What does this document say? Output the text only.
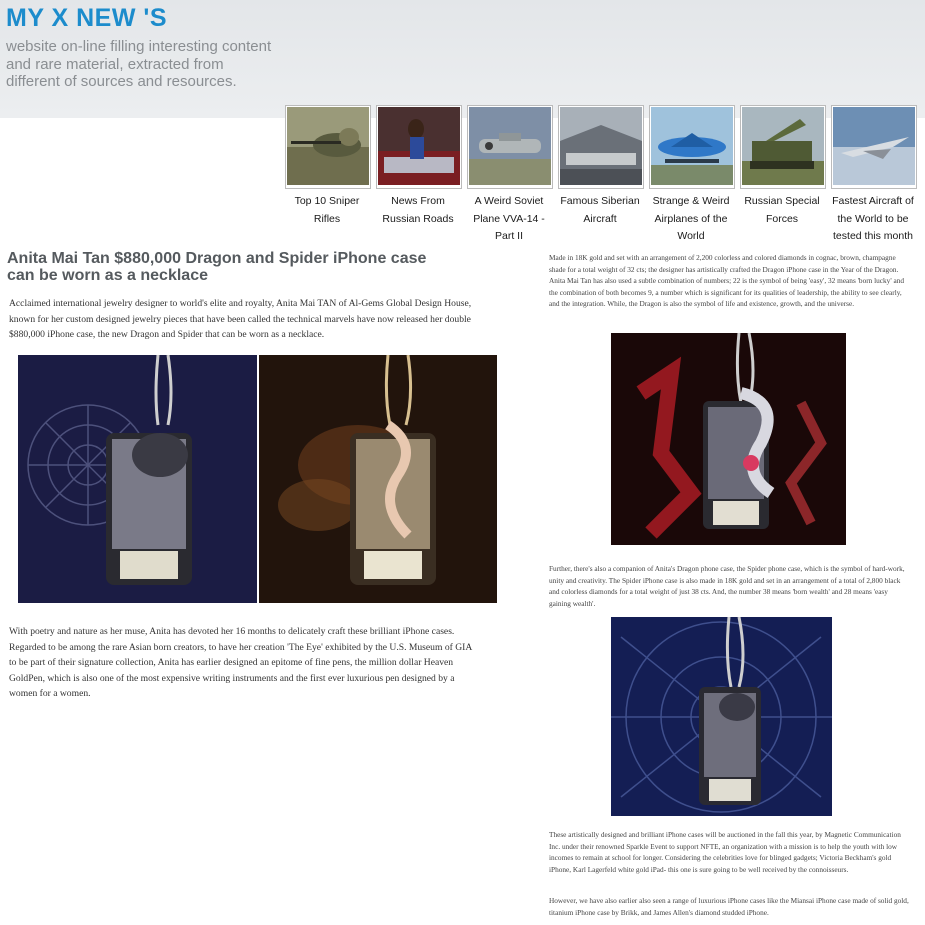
MY X NEW 'S
website on-line filling interesting content and rare material, extracted from different of sources and resources.
Top 10 Sniper Rifles
News From Russian Roads
A Weird Soviet Plane VVA-14 - Part II
Famous Siberian Aircraft
Strange & Weird Airplanes of the World
Russian Special Forces
Fastest Aircraft of the World to be tested this month
Anita Mai Tan $880,000 Dragon and Spider iPhone case can be worn as a necklace

Acclaimed international jewelry designer to world's elite and royalty, Anita Mai TAN of Al-Gems Global Design House, known for her custom designed jewelry pieces that have been called the technical marvels have now released her double $880,000 iPhone case, the new Dragon and Spider that can be worn as a necklace.

With poetry and nature as her muse, Anita has devoted her 16 months to delicately craft these brilliant iPhone cases. Regarded to be among the rare Asian born creators, to have her creation 'The Eye' exhibited by the U.S. Museum of GIA to be part of their signature collection, Anita has earlier designed an epitome of fine pens, the million dollar Heaven GoldPen, which is also one of the most expensive writing instruments and the first ever luxurious pen designed by a women for a women.

Made in 18K gold and set with an arrangement of 2,200 colorless and colored diamonds in cognac, brown, champagne shade for a total weight of 32 cts; the designer has artistically crafted the Dragon iPhone case in the Year of the Dragon. Anita Mai Tan has also used a subtle combination of numbers; 22 is the symbol of being 'easy', 32 means 'born lucky' and the combination of both becomes 9, a number which is significant for its qualities of leadership, the ability to see clearly, and the integration. While, the Dragon is also the symbol of life and existence, growth, and the universe.

Further, there's also a companion of Anita's Dragon phone case, the Spider phone case, which is the symbol of hard-work, unity and creativity. The Spider iPhone case is also made in 18K gold and set in an arrangement of a total of 2,800 black and colorless diamonds for a total weight of just 38 cts. And, the number 38 means 'born wealth' and 28 means 'easy gaining wealth'.

These artistically designed and brilliant iPhone cases will be auctioned in the fall this year, by Magnetic Communication Inc. under their renowned Sparkle Event to support NFTE, an organization with a mission is to help the youth with low incomes to remain at school for longer. Considering the celebrities love for blinged gadgets; Victoria Beckham's gold iPhone, Karl Lagerfeld white gold iPad- this one is sure going to be well received by the connoisseurs.

However, we have also earlier also seen a range of luxurious iPhone cases like the Miansai iPhone case made of solid gold, titanium iPhone case by Brikk, and James Allen's diamond studded iPhone.
